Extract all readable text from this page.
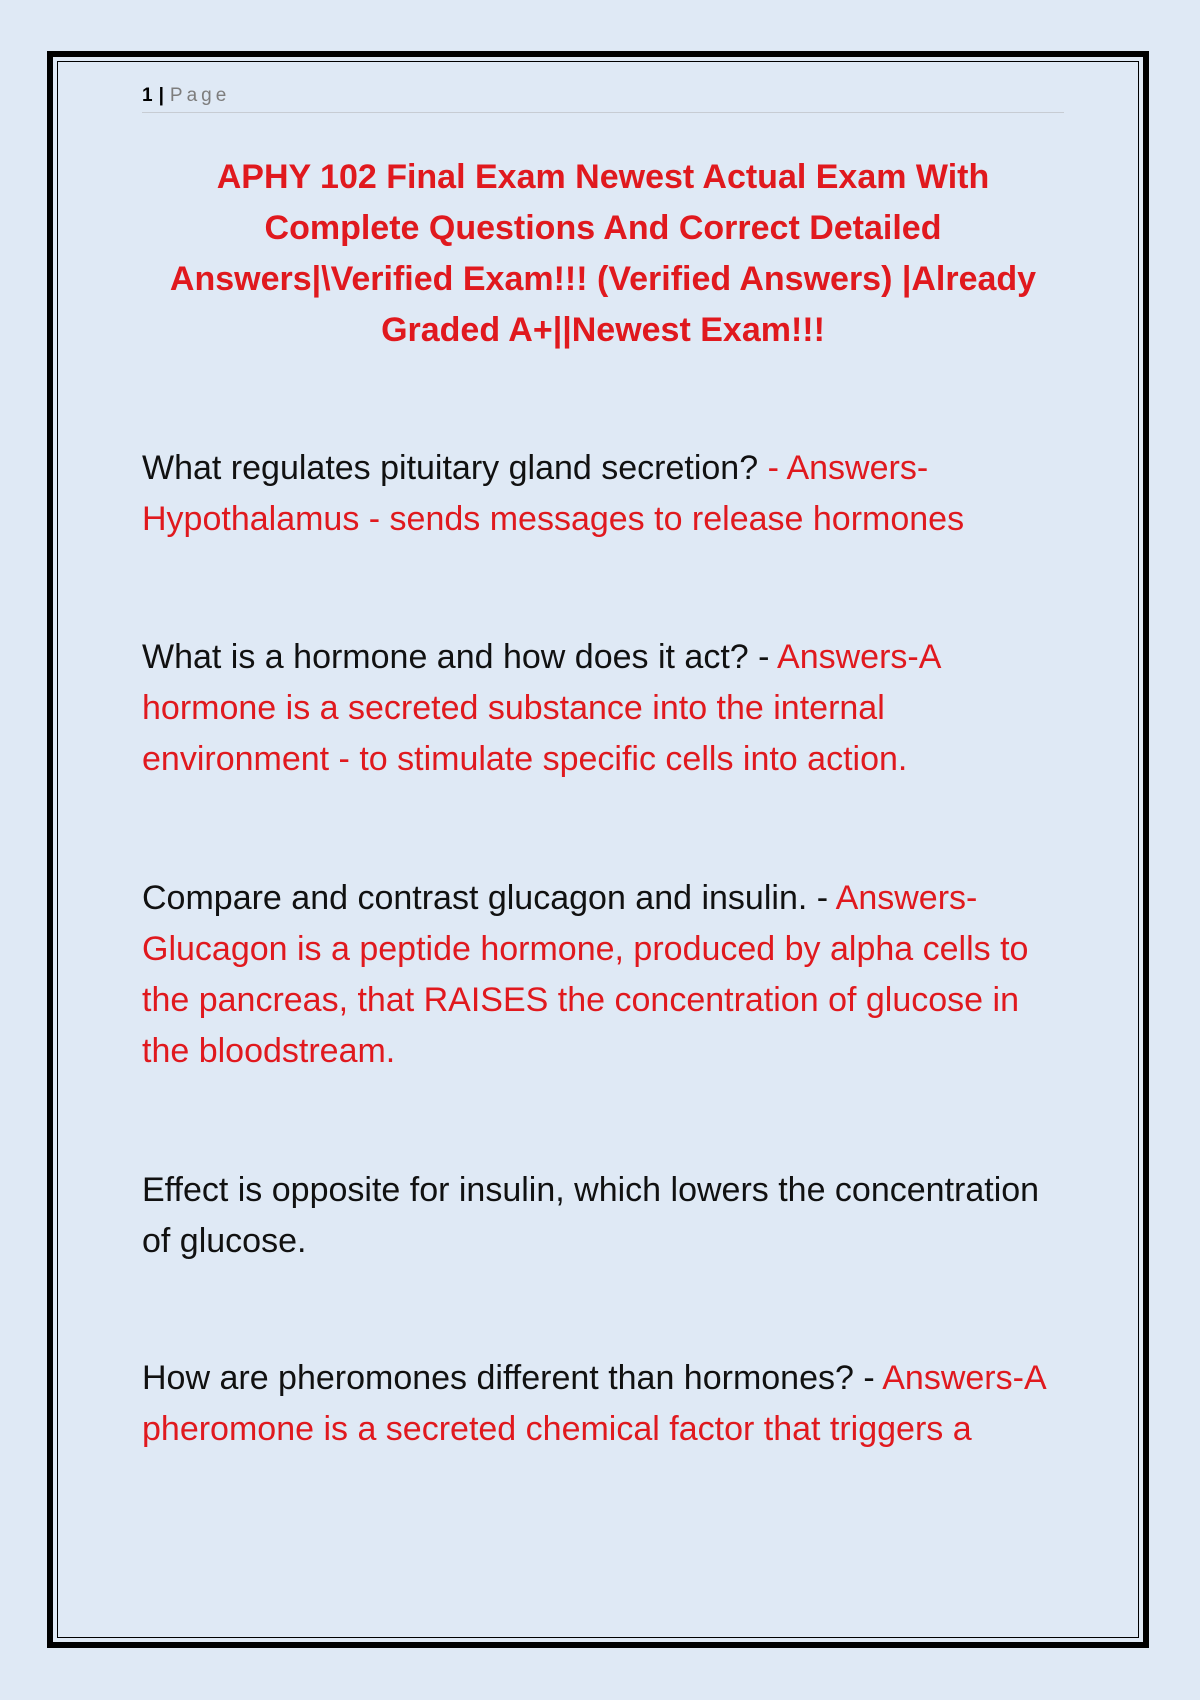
1 | Page
APHY 102 Final Exam Newest Actual Exam With Complete Questions And Correct Detailed Answers|\Verified Exam!!! (Verified Answers) |Already Graded A+||Newest Exam!!!

What regulates pituitary gland secretion? - Answers-Hypothalamus - sends messages to release hormones

What is a hormone and how does it act? - Answers-A hormone is a secreted substance into the internal environment - to stimulate specific cells into action.

Compare and contrast glucagon and insulin. - Answers-Glucagon is a peptide hormone, produced by alpha cells to the pancreas, that RAISES the concentration of glucose in the bloodstream.

Effect is opposite for insulin, which lowers the concentration of glucose.

How are pheromones different than hormones? - Answers-A pheromone is a secreted chemical factor that triggers a
